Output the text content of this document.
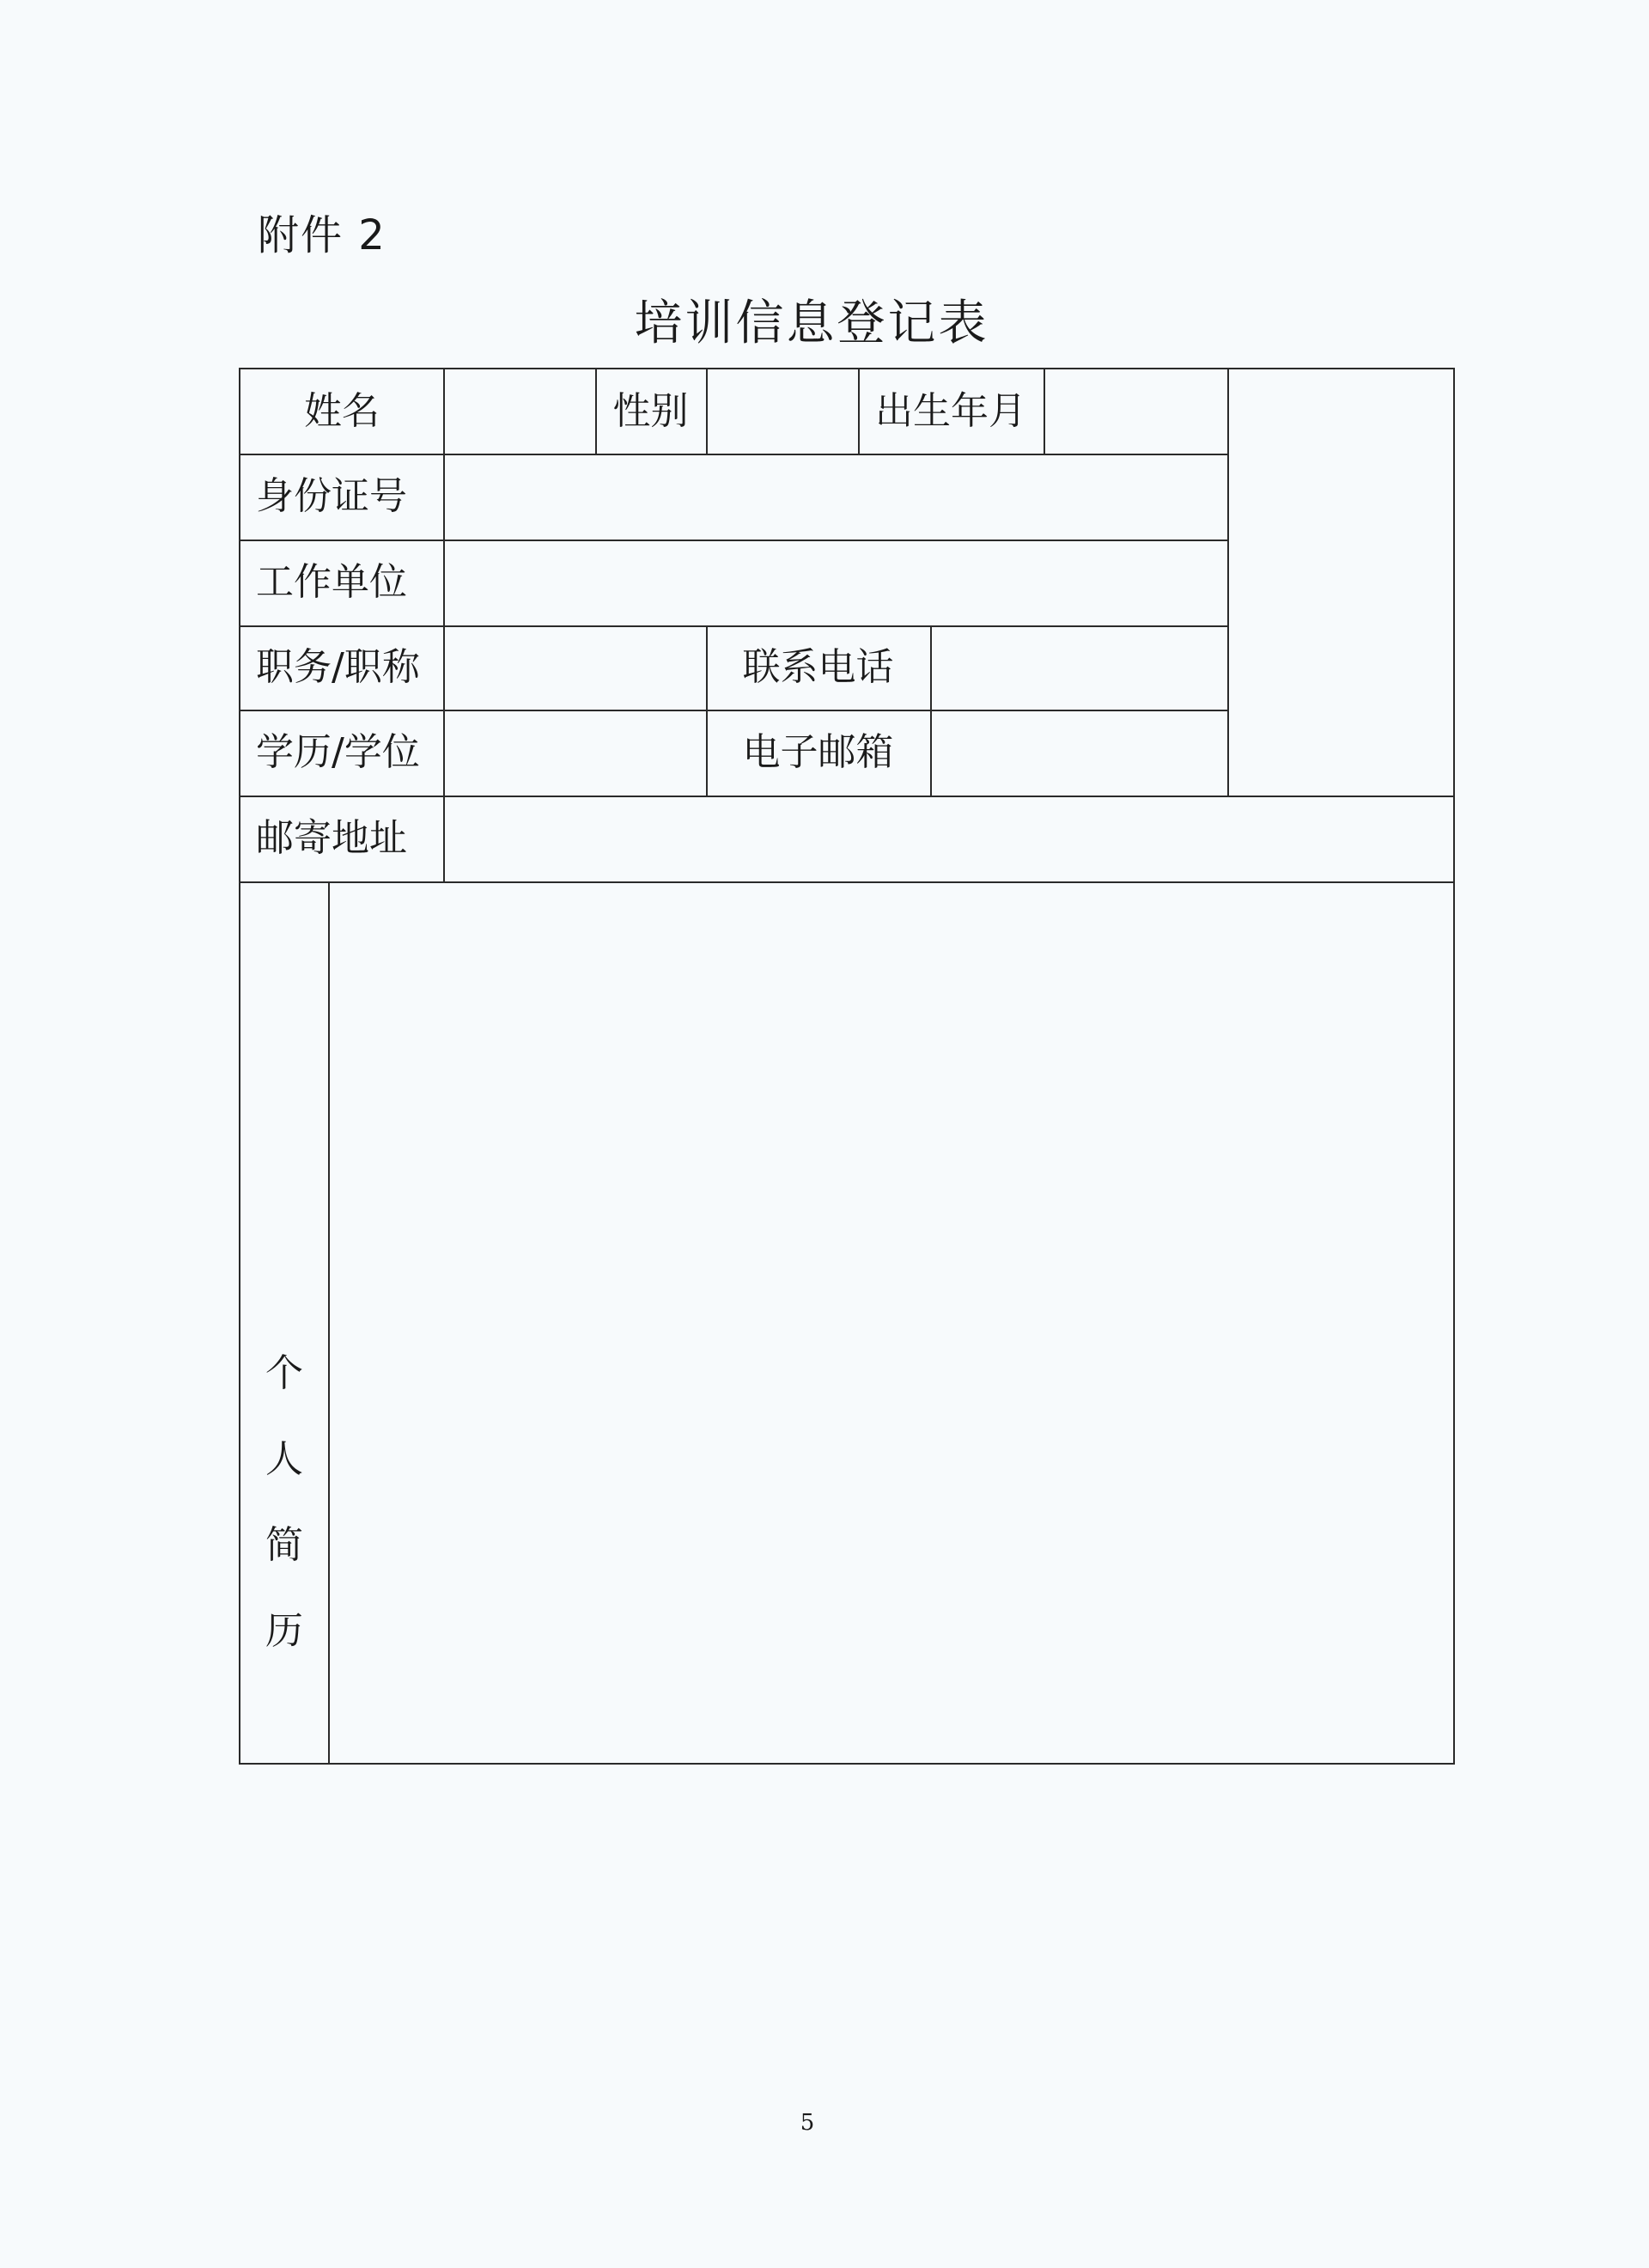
附件 2
培训信息登记表
姓名	性别	出生年月
身份证号
工作单位
职务/职称	联系电话
学历/学位	电子邮箱
邮寄地址
个
人
简
历
5
